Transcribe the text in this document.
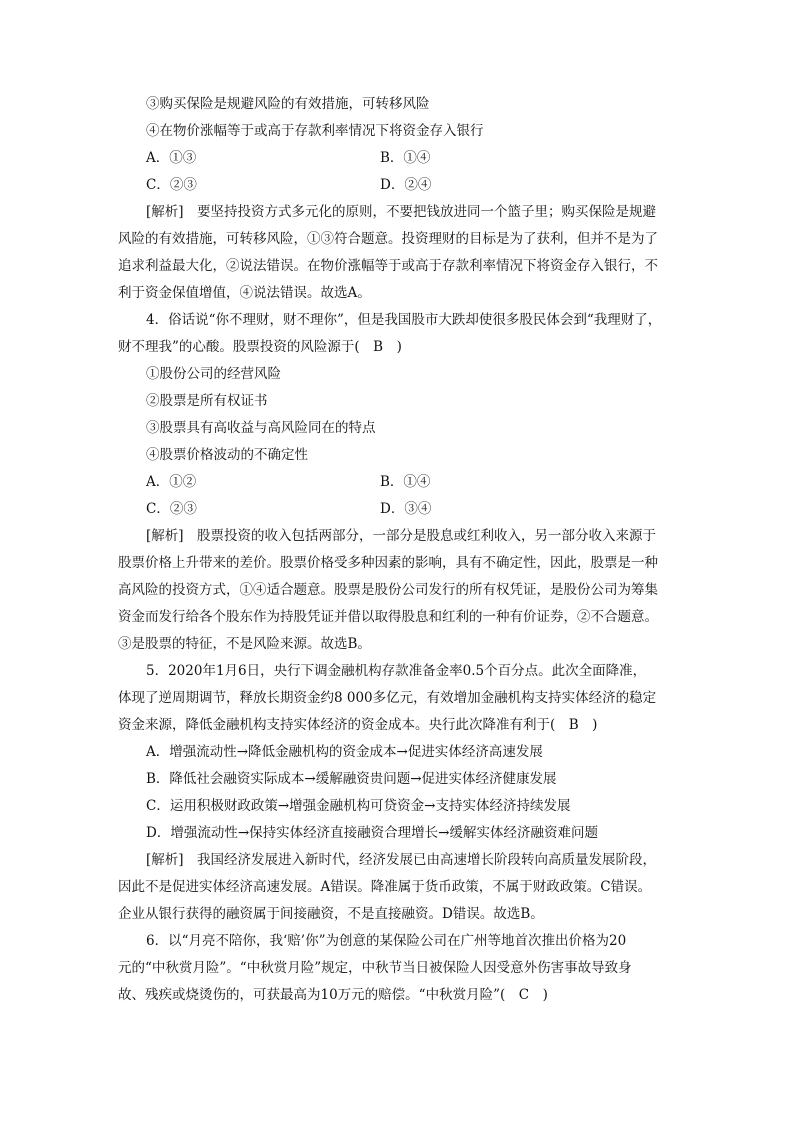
③购买保险是规避风险的有效措施，可转移风险
④在物价涨幅等于或高于存款利率情况下将资金存入银行
A．①③	B．①④
C．②③	D．②④
[解析]　要坚持投资方式多元化的原则，不要把钱放进同一个篮子里；购买保险是规避
风险的有效措施，可转移风险，①③符合题意。投资理财的目标是为了获利，但并不是为了
追求利益最大化，②说法错误。在物价涨幅等于或高于存款利率情况下将资金存入银行，不
利于资金保值增值，④说法错误。故选A。
4．俗话说“你不理财，财不理你”，但是我国股市大跌却使很多股民体会到“我理财了，
财不理我”的心酸。股票投资的风险源于(　B　)
①股份公司的经营风险
②股票是所有权证书
③股票具有高收益与高风险同在的特点
④股票价格波动的不确定性
A．①②	B．①④
C．②③	D．③④
[解析]　股票投资的收入包括两部分，一部分是股息或红利收入，另一部分收入来源于
股票价格上升带来的差价。股票价格受多种因素的影响，具有不确定性，因此，股票是一种
高风险的投资方式，①④适合题意。股票是股份公司发行的所有权凭证，是股份公司为筹集
资金而发行给各个股东作为持股凭证并借以取得股息和红利的一种有价证券，②不合题意。
③是股票的特征，不是风险来源。故选B。
5．2020年1月6日，央行下调金融机构存款准备金率0.5个百分点。此次全面降准，
体现了逆周期调节，释放长期资金约8 000多亿元，有效增加金融机构支持实体经济的稳定
资金来源，降低金融机构支持实体经济的资金成本。央行此次降准有利于(　B　)
A．增强流动性→降低金融机构的资金成本→促进实体经济高速发展
B．降低社会融资实际成本→缓解融资贵问题→促进实体经济健康发展
C．运用积极财政政策→增强金融机构可贷资金→支持实体经济持续发展
D．增强流动性→保持实体经济直接融资合理增长→缓解实体经济融资难问题
[解析]　我国经济发展进入新时代，经济发展已由高速增长阶段转向高质量发展阶段，
因此不是促进实体经济高速发展。A错误。降准属于货币政策，不属于财政政策。C错误。
企业从银行获得的融资属于间接融资，不是直接融资。D错误。故选B。
6．以“月亮不陪你，我‘赔’你”为创意的某保险公司在广州等地首次推出价格为20
元的“中秋赏月险”。“中秋赏月险”规定，中秋节当日被保险人因受意外伤害事故导致身
故、残疾或烧烫伤的，可获最高为10万元的赔偿。“中秋赏月险”(　C　)
